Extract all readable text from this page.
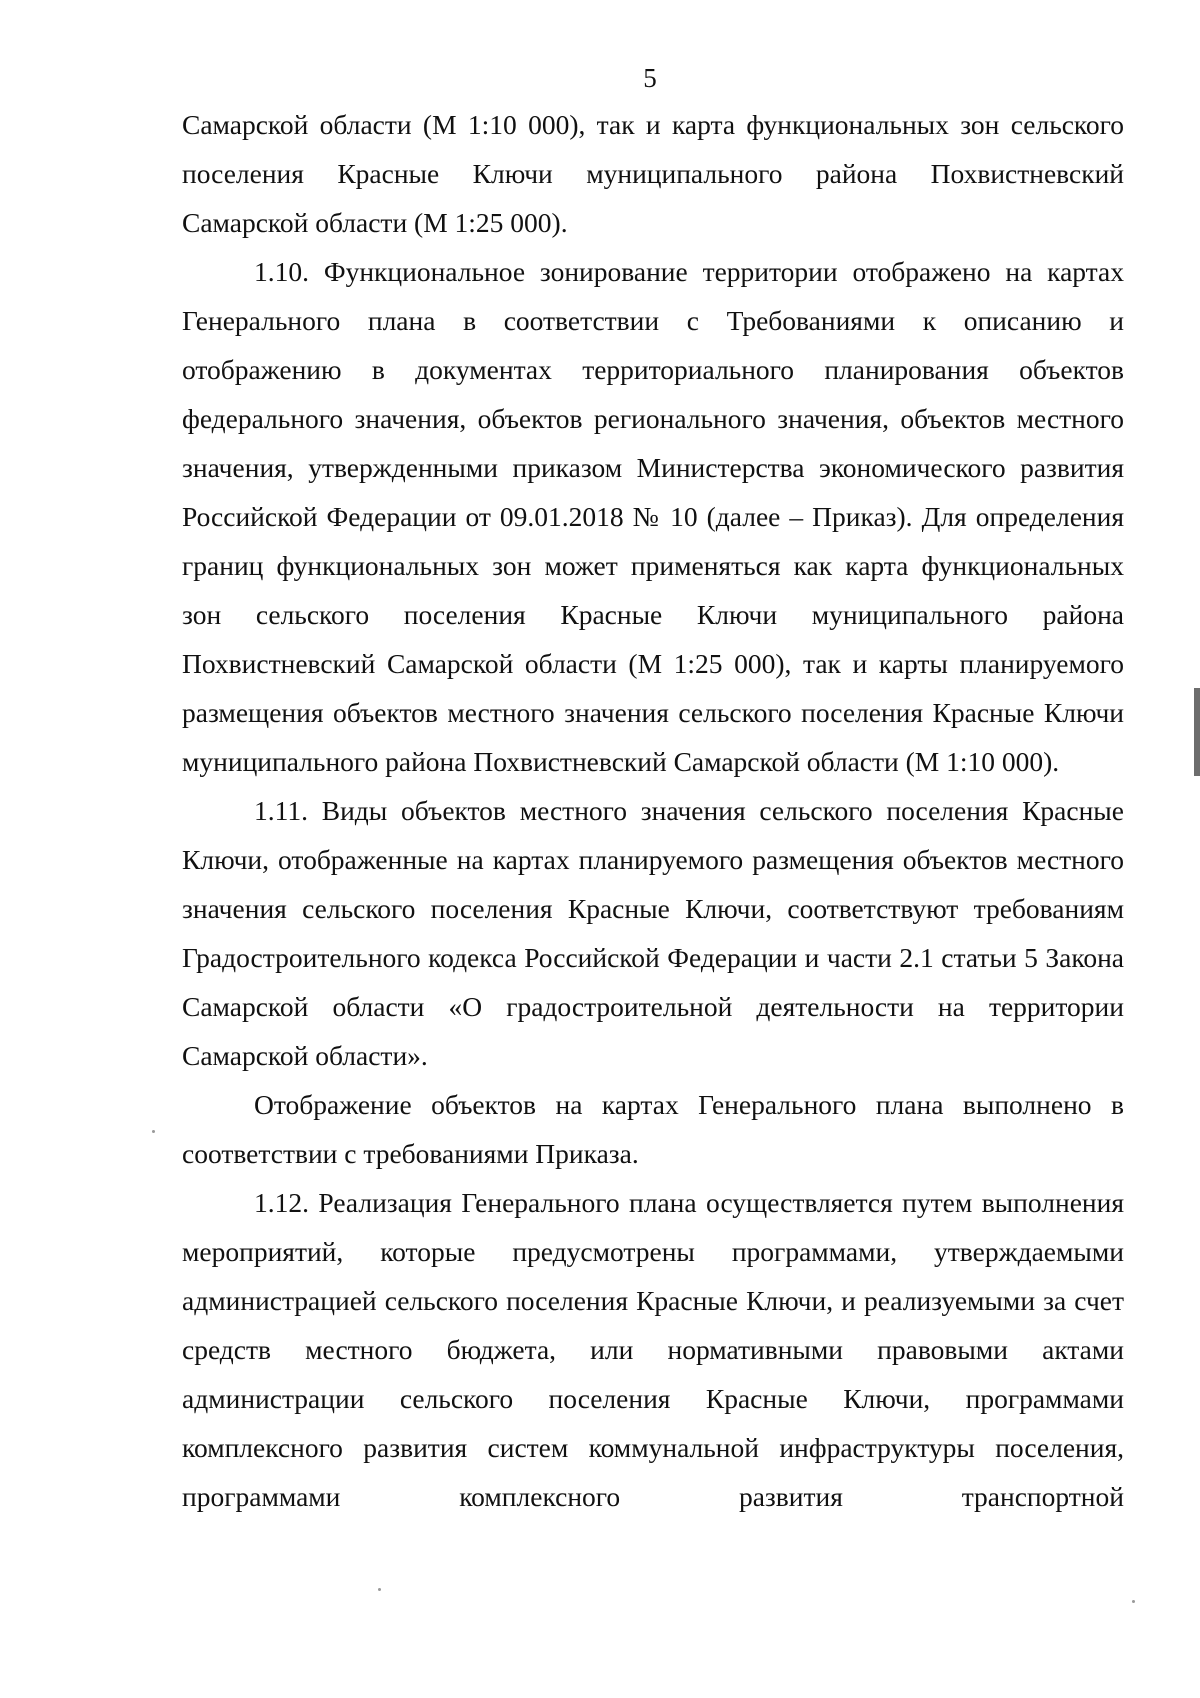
5

Самарской области (М 1:10 000), так и карта функциональных зон сельского поселения Красные Ключи муниципального района Похвистневский Самарской области (М 1:25 000).

1.10. Функциональное зонирование территории отображено на картах Генерального плана в соответствии с Требованиями к описанию и отображению в документах территориального планирования объектов федерального значения, объектов регионального значения, объектов местного значения, утвержденными приказом Министерства экономического развития Российской Федерации от 09.01.2018 № 10 (далее – Приказ). Для определения границ функциональных зон может применяться как карта функциональных зон сельского поселения Красные Ключи муниципального района Похвистневский Самарской области (М 1:25 000), так и карты планируемого размещения объектов местного значения сельского поселения Красные Ключи муниципального района Похвистневский Самарской области (М 1:10 000).

1.11. Виды объектов местного значения сельского поселения Красные Ключи, отображенные на картах планируемого размещения объектов местного значения сельского поселения Красные Ключи, соответствуют требованиям Градостроительного кодекса Российской Федерации и части 2.1 статьи 5 Закона Самарской области «О градостроительной деятельности на территории Самарской области».

Отображение объектов на картах Генерального плана выполнено в соответствии с требованиями Приказа.

1.12. Реализация Генерального плана осуществляется путем выполнения мероприятий, которые предусмотрены программами, утверждаемыми администрацией сельского поселения Красные Ключи, и реализуемыми за счет средств местного бюджета, или нормативными правовыми актами администрации сельского поселения Красные Ключи, программами комплексного развития систем коммунальной инфраструктуры поселения, программами комплексного развития транспортной
